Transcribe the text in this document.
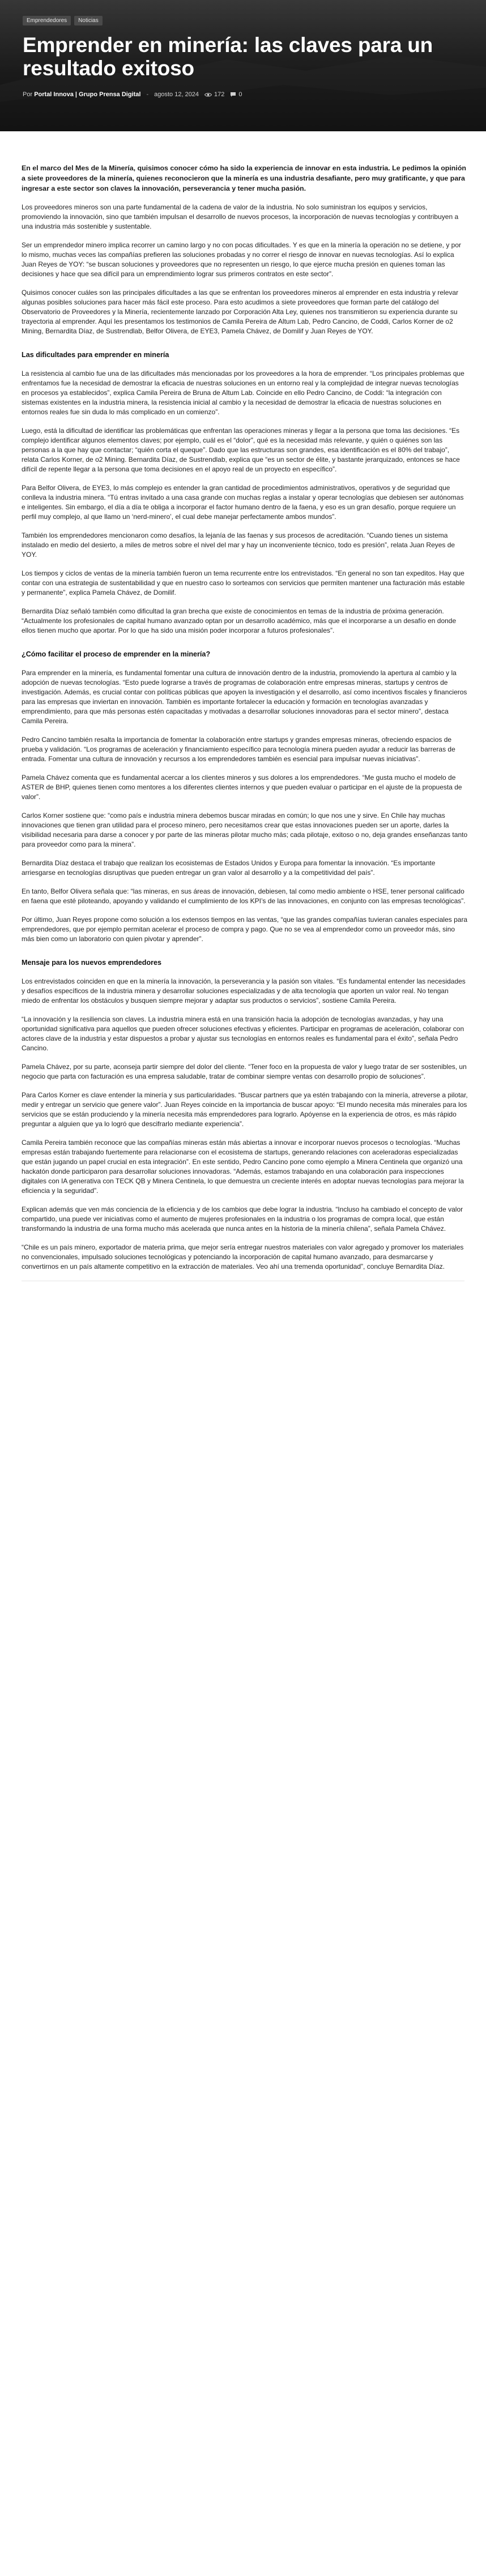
Emprendedores	Noticias
Emprender en minería: las claves para un resultado exitoso
Por Portal Innova | Grupo Prensa Digital - agosto 12, 2024 172 0

En el marco del Mes de la Minería, quisimos conocer cómo ha sido la experiencia de innovar en esta industria. Le pedimos la opinión a siete proveedores de la minería, quienes reconocieron que la minería es una industria desafiante, pero muy gratificante, y que para ingresar a este sector son claves la innovación, perseverancia y tener mucha pasión.

Los proveedores mineros son una parte fundamental de la cadena de valor de la industria. No solo suministran los equipos y servicios, promoviendo la innovación, sino que también impulsan el desarrollo de nuevos procesos, la incorporación de nuevas tecnologías y contribuyen a una industria más sostenible y sustentable.

Ser un emprendedor minero implica recorrer un camino largo y no con pocas dificultades. Y es que en la minería la operación no se detiene, y por lo mismo, muchas veces las compañías prefieren las soluciones probadas y no correr el riesgo de innovar en nuevas tecnologías. Así lo explica Juan Reyes de YOY: “se buscan soluciones y proveedores que no representen un riesgo, lo que ejerce mucha presión en quienes toman las decisiones y hace que sea difícil para un emprendimiento lograr sus primeros contratos en este sector”.

Quisimos conocer cuáles son las principales dificultades a las que se enfrentan los proveedores mineros al emprender en esta industria y relevar algunas posibles soluciones para hacer más fácil este proceso. Para esto acudimos a siete proveedores que forman parte del catálogo del Observatorio de Proveedores y la Minería, recientemente lanzado por Corporación Alta Ley, quienes nos transmitieron su experiencia durante su trayectoria al emprender. Aquí les presentamos los testimonios de Camila Pereira de Altum Lab, Pedro Cancino, de Coddi, Carlos Korner de o2 Mining, Bernardita Díaz, de Sustrendlab, Belfor Olivera, de EYE3, Pamela Chávez, de Domilif y Juan Reyes de YOY.

Las dificultades para emprender en minería

La resistencia al cambio fue una de las dificultades más mencionadas por los proveedores a la hora de emprender. “Los principales problemas que enfrentamos fue la necesidad de demostrar la eficacia de nuestras soluciones en un entorno real y la complejidad de integrar nuevas tecnologías en procesos ya establecidos”, explica Camila Pereira de Bruna de Altum Lab. Coincide en ello Pedro Cancino, de Coddi: “la integración con sistemas existentes en la industria minera, la resistencia inicial al cambio y la necesidad de demostrar la eficacia de nuestras soluciones en entornos reales fue sin duda lo más complicado en un comienzo”.

Luego, está la dificultad de identificar las problemáticas que enfrentan las operaciones mineras y llegar a la persona que toma las decisiones. “Es complejo identificar algunos elementos claves; por ejemplo, cuál es el “dolor”, qué es la necesidad más relevante, y quién o quiénes son las personas a la que hay que contactar; “quién corta el queque”. Dado que las estructuras son grandes, esa identificación es el 80% del trabajo”, relata Carlos Korner, de o2 Mining. Bernardita Díaz, de Sustrendlab, explica que “es un sector de élite, y bastante jerarquizado, entonces se hace difícil de repente llegar a la persona que toma decisiones en el apoyo real de un proyecto en específico”.

Para Belfor Olivera, de EYE3, lo más complejo es entender la gran cantidad de procedimientos administrativos, operativos y de seguridad que conlleva la industria minera. “Tú entras invitado a una casa grande con muchas reglas a instalar y operar tecnologías que debiesen ser autónomas e inteligentes. Sin embargo, el día a día te obliga a incorporar el factor humano dentro de la faena, y eso es un gran desafío, porque requiere un perfil muy complejo, al que llamo un ‘nerd-minero’, el cual debe manejar perfectamente ambos mundos”.

También los emprendedores mencionaron como desafíos, la lejanía de las faenas y sus procesos de acreditación. “Cuando tienes un sistema instalado en medio del desierto, a miles de metros sobre el nivel del mar y hay un inconveniente técnico, todo es presión”, relata Juan Reyes de YOY.

Los tiempos y ciclos de ventas de la minería también fueron un tema recurrente entre los entrevistados. “En general no son tan expeditos. Hay que contar con una estrategia de sustentabilidad y que en nuestro caso lo sorteamos con servicios que permiten mantener una facturación más estable y permanente”, explica Pamela Chávez, de Domilif.

Bernardita Díaz señaló también como dificultad la gran brecha que existe de conocimientos en temas de la industria de próxima generación. “Actualmente los profesionales de capital humano avanzado optan por un desarrollo académico, más que el incorporarse a un desafío en donde ellos tienen mucho que aportar. Por lo que ha sido una misión poder incorporar a futuros profesionales”.

¿Cómo facilitar el proceso de emprender en la minería?

Para emprender en la minería, es fundamental fomentar una cultura de innovación dentro de la industria, promoviendo la apertura al cambio y la adopción de nuevas tecnologías. “Esto puede lograrse a través de programas de colaboración entre empresas mineras, startups y centros de investigación. Además, es crucial contar con políticas públicas que apoyen la investigación y el desarrollo, así como incentivos fiscales y financieros para las empresas que inviertan en innovación. También es importante fortalecer la educación y formación en tecnologías avanzadas y emprendimiento, para que más personas estén capacitadas y motivadas a desarrollar soluciones innovadoras para el sector minero”, destaca Camila Pereira.

Pedro Cancino también resalta la importancia de fomentar la colaboración entre startups y grandes empresas mineras, ofreciendo espacios de prueba y validación. “Los programas de aceleración y financiamiento específico para tecnología minera pueden ayudar a reducir las barreras de entrada. Fomentar una cultura de innovación y recursos a los emprendedores también es esencial para impulsar nuevas iniciativas”.

Pamela Chávez comenta que es fundamental acercar a los clientes mineros y sus dolores a los emprendedores. “Me gusta mucho el modelo de ASTER de BHP, quienes tienen como mentores a los diferentes clientes internos y que pueden evaluar o participar en el ajuste de la propuesta de valor”.

Carlos Korner sostiene que: “como país e industria minera debemos buscar miradas en común; lo que nos une y sirve. En Chile hay muchas innovaciones que tienen gran utilidad para el proceso minero, pero necesitamos crear que estas innovaciones pueden ser un aporte, darles la visibilidad necesaria para darse a conocer y por parte de las mineras pilotar mucho más; cada pilotaje, exitoso o no, deja grandes enseñanzas tanto para proveedor como para la minera”.

Bernardita Díaz destaca el trabajo que realizan los ecosistemas de Estados Unidos y Europa para fomentar la innovación. “Es importante arriesgarse en tecnologías disruptivas que pueden entregar un gran valor al desarrollo y a la competitividad del país”.

En tanto, Belfor Olivera señala que: “las mineras, en sus áreas de innovación, debiesen, tal como medio ambiente o HSE, tener personal calificado en faena que esté piloteando, apoyando y validando el cumplimiento de los KPI’s de las innovaciones, en conjunto con las empresas tecnológicas”.

Por último, Juan Reyes propone como solución a los extensos tiempos en las ventas, “que las grandes compañías tuvieran canales especiales para emprendedores, que por ejemplo permitan acelerar el proceso de compra y pago. Que no se vea al emprendedor como un proveedor más, sino más bien como un laboratorio con quien pivotar y aprender”.

Mensaje para los nuevos emprendedores

Los entrevistados coinciden en que en la minería la innovación, la perseverancia y la pasión son vitales. “Es fundamental entender las necesidades y desafíos específicos de la industria minera y desarrollar soluciones especializadas y de alta tecnología que aporten un valor real. No tengan miedo de enfrentar los obstáculos y busquen siempre mejorar y adaptar sus productos o servicios”, sostiene Camila Pereira.

“La innovación y la resiliencia son claves. La industria minera está en una transición hacia la adopción de tecnologías avanzadas, y hay una oportunidad significativa para aquellos que pueden ofrecer soluciones efectivas y eficientes. Participar en programas de aceleración, colaborar con actores clave de la industria y estar dispuestos a probar y ajustar sus tecnologías en entornos reales es fundamental para el éxito”, señala Pedro Cancino.

Pamela Chávez, por su parte, aconseja partir siempre del dolor del cliente. “Tener foco en la propuesta de valor y luego tratar de ser sostenibles, un negocio que parta con facturación es una empresa saludable, tratar de combinar siempre ventas con desarrollo propio de soluciones”.

Para Carlos Korner es clave entender la minería y sus particularidades. “Buscar partners que ya estén trabajando con la minería, atreverse a pilotar, medir y entregar un servicio que genere valor”. Juan Reyes coincide en la importancia de buscar apoyo: “El mundo necesita más minerales para los servicios que se están produciendo y la minería necesita más emprendedores para lograrlo. Apóyense en la experiencia de otros, es más rápido preguntar a alguien que ya lo logró que descifrarlo mediante experiencia”.

Camila Pereira también reconoce que las compañías mineras están más abiertas a innovar e incorporar nuevos procesos o tecnologías. “Muchas empresas están trabajando fuertemente para relacionarse con el ecosistema de startups, generando relaciones con aceleradoras especializadas que están jugando un papel crucial en esta integración”. En este sentido, Pedro Cancino pone como ejemplo a Minera Centinela que organizó una hackatón donde participaron para desarrollar soluciones innovadoras. “Además, estamos trabajando en una colaboración para inspecciones digitales con IA generativa con TECK QB y Minera Centinela, lo que demuestra un creciente interés en adoptar nuevas tecnologías para mejorar la eficiencia y la seguridad”.

Explican además que ven más conciencia de la eficiencia y de los cambios que debe lograr la industria. “Incluso ha cambiado el concepto de valor compartido, una puede ver iniciativas como el aumento de mujeres profesionales en la industria o los programas de compra local, que están transformando la industria de una forma mucho más acelerada que nunca antes en la historia de la minería chilena”, señala Pamela Chávez.

“Chile es un país minero, exportador de materia prima, que mejor sería entregar nuestros materiales con valor agregado y promover los materiales no convencionales, impulsado soluciones tecnológicas y potenciando la incorporación de capital humano avanzado, para desmarcarse y convertirnos en un país altamente competitivo en la extracción de materiales. Veo ahí una tremenda oportunidad”, concluye Bernardita Díaz.
